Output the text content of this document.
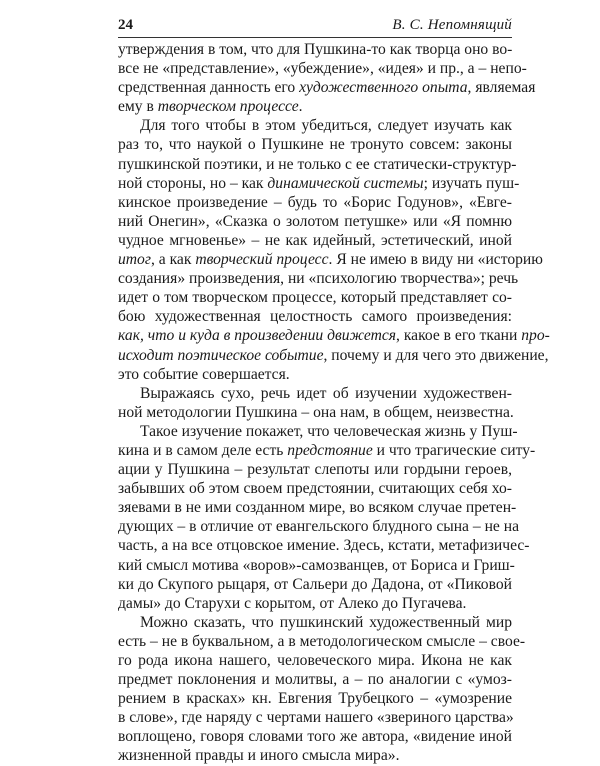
24	В. С. Непомнящий
утверждения в том, что для Пушкина-то как творца оно во-
все не «представление», «убеждение», «идея» и пр., а – непо-
средственная данность его художественного опыта, являемая
ему в творческом процессе.
Для того чтобы в этом убедиться, следует изучать как
раз то, что наукой о Пушкине не тронуто совсем: законы
пушкинской поэтики, и не только с ее статически-структур-
ной стороны, но – как динамической системы; изучать пуш-
кинское произведение – будь то «Борис Годунов», «Евге-
ний Онегин», «Сказка о золотом петушке» или «Я помню
чудное мгновенье» – не как идейный, эстетический, иной
итог, а как творческий процесс. Я не имею в виду ни «историю
создания» произведения, ни «психологию творчества»; речь
идет о том творческом процессе, который представляет со-
бою художественная целостность самого произведения:
как, что и куда в произведении движется, какое в его ткани про-
исходит поэтическое событие, почему и для чего это движение,
это событие совершается.
Выражаясь сухо, речь идет об изучении художествен-
ной методологии Пушкина – она нам, в общем, неизвестна.
Такое изучение покажет, что человеческая жизнь у Пуш-
кина и в самом деле есть предстояние и что трагические ситу-
ации у Пушкина – результат слепоты или гордыни героев,
забывших об этом своем предстоянии, считающих себя хо-
зяевами в не ими созданном мире, во всяком случае претен-
дующих – в отличие от евангельского блудного сына – не на
часть, а на все отцовское имение. Здесь, кстати, метафизичес-
кий смысл мотива «воров»-самозванцев, от Бориса и Гриш-
ки до Скупого рыцаря, от Сальери до Дадона, от «Пиковой
дамы» до Старухи с корытом, от Алеко до Пугачева.
Можно сказать, что пушкинский художественный мир
есть – не в буквальном, а в методологическом смысле – свое-
го рода икона нашего, человеческого мира. Икона не как
предмет поклонения и молитвы, а – по аналогии с «умоз-
рением в красках» кн. Евгения Трубецкого – «умозрение
в слове», где наряду с чертами нашего «звериного царства»
воплощено, говоря словами того же автора, «видение иной
жизненной правды и иного смысла мира».
